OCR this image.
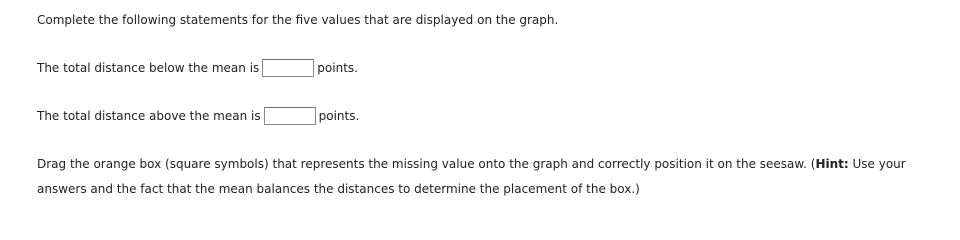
Complete the following statements for the five values that are displayed on the graph.
The total distance below the mean is	points.
The total distance above the mean is	points.
Drag the orange box (square symbols) that represents the missing value onto the graph and correctly position it on the seesaw. (Hint: Use your
answers and the fact that the mean balances the distances to determine the placement of the box.)
